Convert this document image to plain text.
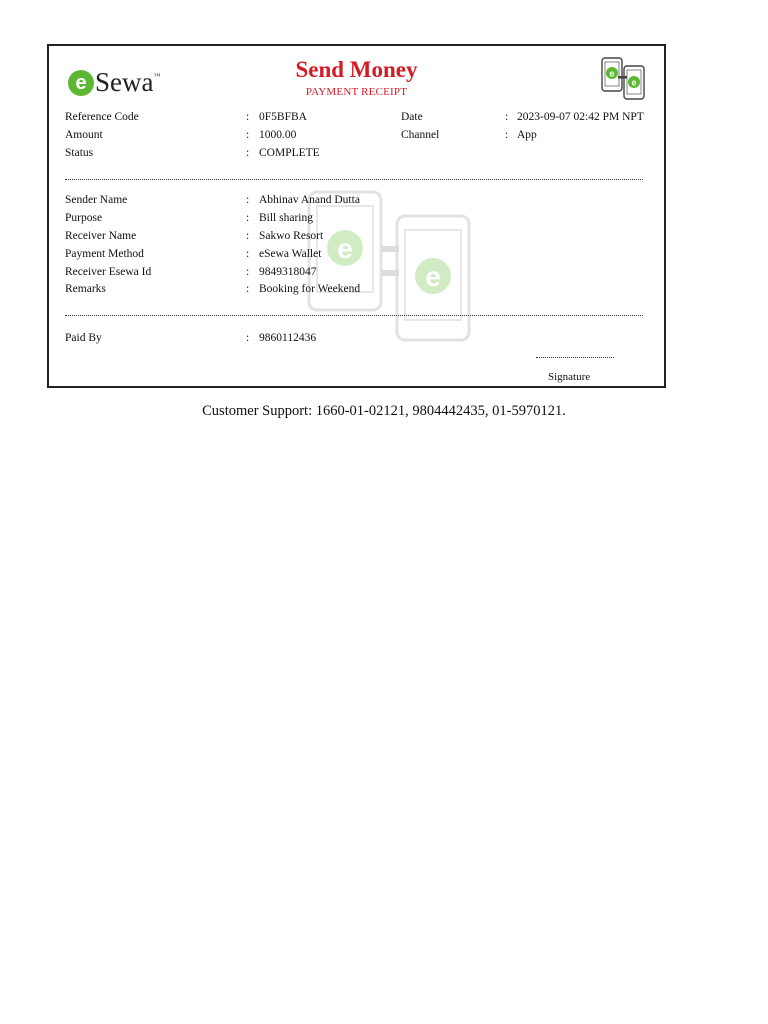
e Sewa ™	Send Money
PAYMENT RECEIPT
e
e
e
e
Reference Code	: 0F5BFBA	Date	: 2023-09-07 02:42 PM NPT
Amount	: 1000.00	Channel	: App
Status	: COMPLETE
Sender Name	: Abhinav Anand Dutta
Purpose	: Bill sharing
Receiver Name	: Sakwo Resort
Payment Method	: eSewa Wallet
Receiver Esewa Id	: 9849318047
Remarks	: Booking for Weekend
Paid By	: 9860112436
Signature
Customer Support: 1660-01-02121, 9804442435, 01-5970121.
